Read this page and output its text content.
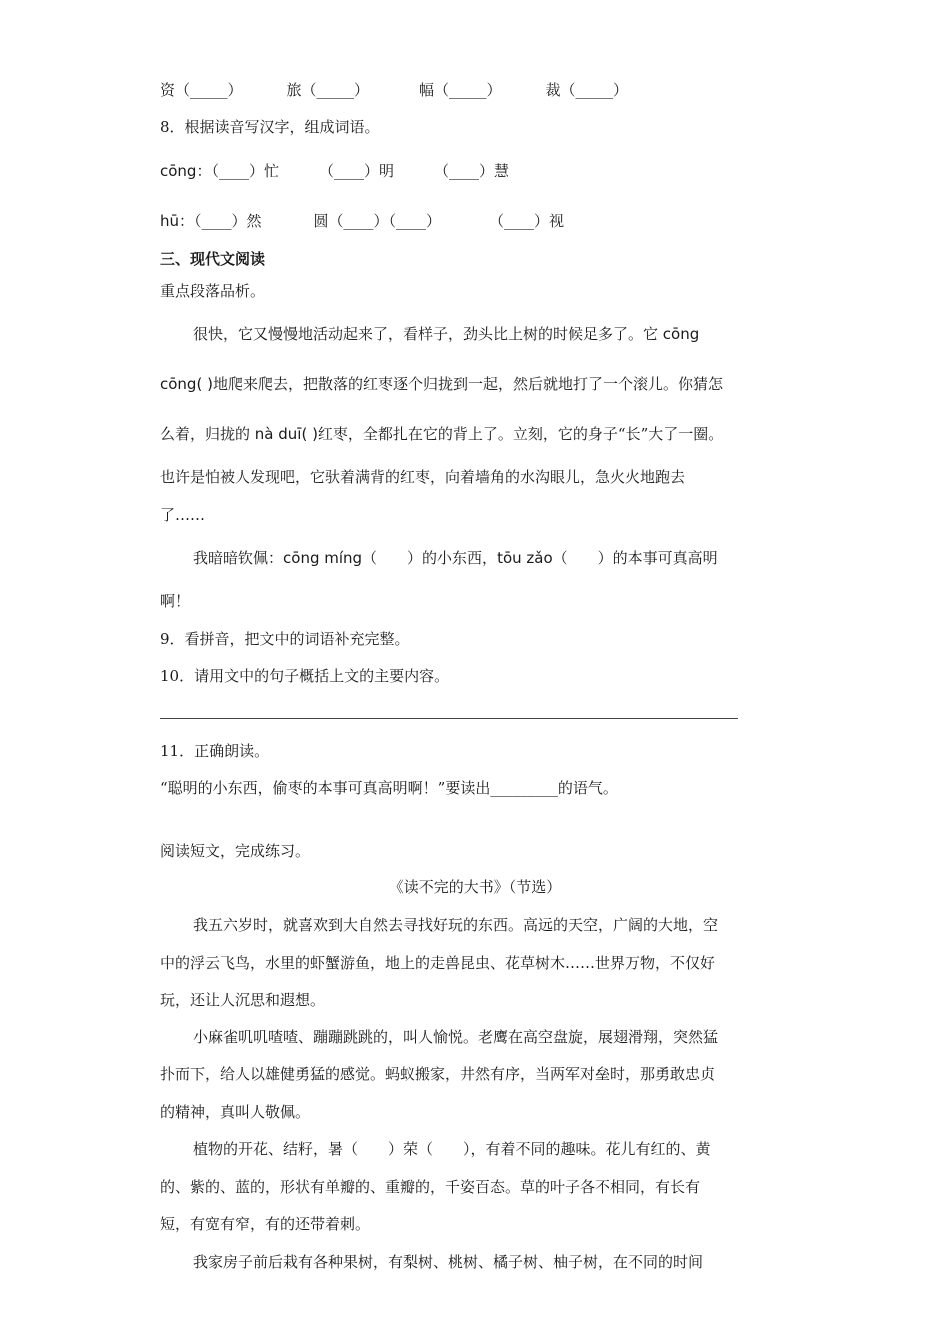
资（_____）	旅（_____）	幅（_____）	裁（_____）
8．根据读音写汉字，组成词语。
cōng：（____）忙	（____）明	（____）慧
hū：（____）然	圆（____）（____）	（____）视
三、现代文阅读
重点段落品析。
很快，它又慢慢地活动起来了，看样子，劲头比上树的时候足多了。它 cōng
cōng( )地爬来爬去，把散落的红枣逐个归拢到一起，然后就地打了一个滚儿。你猜怎
么着，归拢的 nà duī( )红枣，全都扎在它的背上了。立刻，它的身子“长”大了一圈。
也许是怕被人发现吧，它驮着满背的红枣，向着墙角的水沟眼儿，急火火地跑去
了……
我暗暗钦佩：cōng míng（　　）的小东西，tōu zǎo（　　）的本事可真高明
啊！
9．看拼音，把文中的词语补充完整。
10．请用文中的句子概括上文的主要内容。
11．正确朗读。
“聪明的小东西，偷枣的本事可真高明啊！”要读出_________的语气。
阅读短文，完成练习。
《读不完的大书》（节选）
我五六岁时，就喜欢到大自然去寻找好玩的东西。高远的天空，广阔的大地，空
中的浮云飞鸟，水里的虾蟹游鱼，地上的走兽昆虫、花草树木……世界万物，不仅好
玩，还让人沉思和遐想。
小麻雀叽叽喳喳、蹦蹦跳跳的，叫人愉悦。老鹰在高空盘旋，展翅滑翔，突然猛
扑而下，给人以雄健勇猛的感觉。蚂蚁搬家，井然有序，当两军对垒时，那勇敢忠贞
的精神，真叫人敬佩。
植物的开花、结籽，暑（　　）荣（　　），有着不同的趣味。花儿有红的、黄
的、紫的、蓝的，形状有单瓣的、重瓣的，千姿百态。草的叶子各不相同，有长有
短，有宽有窄，有的还带着刺。
我家房子前后栽有各种果树，有梨树、桃树、橘子树、柚子树，在不同的时间
